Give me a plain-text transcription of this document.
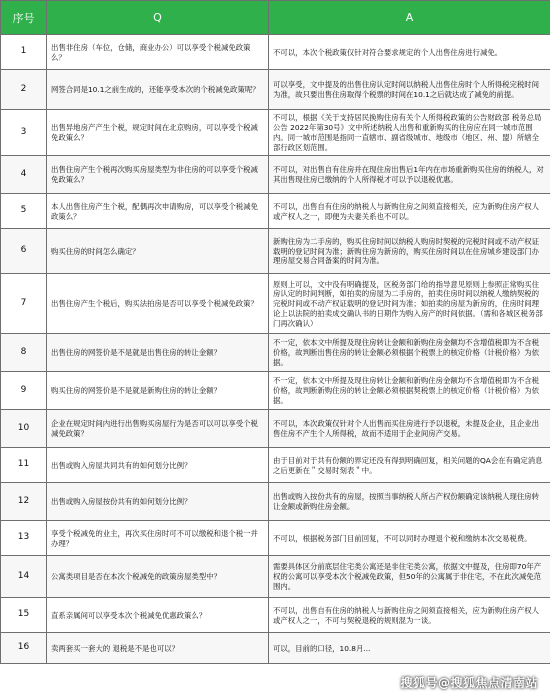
序号	Q	A
1	出售非住房（车位，仓储，商业办公）可以享受个税减免政策么？	不可以，本次个税政策仅针对符合要求规定的个人出售住房进行减免。
2	网签合同是10.1之前生成的，还能享受本次的个税减免政策呢？	可以享受，文中提及的出售住房认定时间以纳税人出售住房时个人所得税完税时间为准，故只要出售住房取得个税票的时间在10.1之后就达成了减免的前提。
3	出售异地房产产生个税，规定时间在北京购房，可以享受个税减免政策么？	不可以，根据《关于支持居民换购住房有关个人所得税政策的公告财政部 税务总局公告 2022年第30号》文中所述纳税人出售和重新购买的住房应在同一城市范围内。同一城市范围是指同一直辖市、副省级城市、地级市（地区、州、盟）所辖全部行政区划范围。
4	出售住房产生个税再次购买房屋类型为非住房的可以享受个税减免政策么？	不可以，对出售自有住房并在现住房出售后1年内在市场重新购买住房的纳税人，对其出售现住房已缴纳的个人所得税才可以予以退税优惠。
5	本人出售住房产生个税，配偶再次申请购房，可以享受个税减免政策么？	不可以，出售自有住房的纳税人与新购住房之间须直接相关，应为新购住房产权人或产权人之一，即便为夫妻关系也不可以。
6	购买住房的时间怎么确定？	新购住房为二手房的，购买住房时间以纳税人购房时契税的完税时间或不动产权证载明的登记时间为准；新购住房为新房的，购买住房时间以在住房城乡建设部门办理房屋交易合同备案的时间为准。
7	出售住房产生个税后，购买法拍房是否可以享受个税减免政策？	原则上可以，文中没有明确提及，区税务部门给的指导意见原则上参照正常购买住房认定的时间判断，如拍卖的房屋为二手房的，拍卖住房时间以纳税人缴纳契税的完税时间或不动产权证载明的登记时间为准；如拍卖的房屋为新房的，住房时间理论上以法院的拍卖成交确认书的日期作为购入房产的时间依据。（需和各城区税务部门再次确认）
8	出售住房的网签价是不是就是出售住房的转让金额？	不一定，依本文中所提及现住房转让金额和新购住房金额均不含增值税即为不含税价格，故判断出售住房的转让金额必须根据个税票上的核定价格（计税价格）为依据。
9	购买住房的网签价是不是就是新购住房的转让金额？	不一定，依本文中所提及现住房转让金额和新购住房金额均不含增值税即为不含税价格，故判断新购住房的转让金额必须根据契税票上的核定价格（计税价格）为依据。
10	企业在规定时间内进行出售购买房屋行为是否可以可以享受个税减免政策？	不可以，本次政策仅针对个人出售而买住房进行予以退税，未提及企业，且企业出售住房不产生个人所得税，故而不适用于企业间房产交易。
11	出售或购入房屋共同共有的如何划分比例？	由于目前对于共有份额的界定还没有得到明确回复，相关问题的QA会在有确定消息之后更新在＂交易时刻表＂中。
12	出售或购入房屋按份共有的如何划分比例？	出售或购入按份共有的房屋，按照当事纳税人所占产权份额确定该纳税人现住房转让金额或新购住房金额。
13	享受个税减免的业主，再次买住房时可不可以缴税和退个税一并办理？	不可以，根据税务部门目前回复，不可以同时办理退个税和缴纳本次交易税费。
14	公寓类项目是否在本次个税减免的政策房屋类型中？	需要具体区分前底层住宅类公寓还是非住宅类公寓，依据文中提及，住房即70年产权的公寓可以享受本次个税减免政策，但50年的公寓属于非住宅，不在此次减免范围内。
15	直系亲属间可以享受本次个税减免优惠政策么？	不可以，出售自有住房的纳税人与新购住房之间须直接相关，应为新购住房产权人或产权人之一，不可与契税退税的规则混为一谈。
16	卖两套买一套大的 退税是不是也可以？	可以，目前的口径，10.8月...
搜狐号@搜狐焦点清南站
